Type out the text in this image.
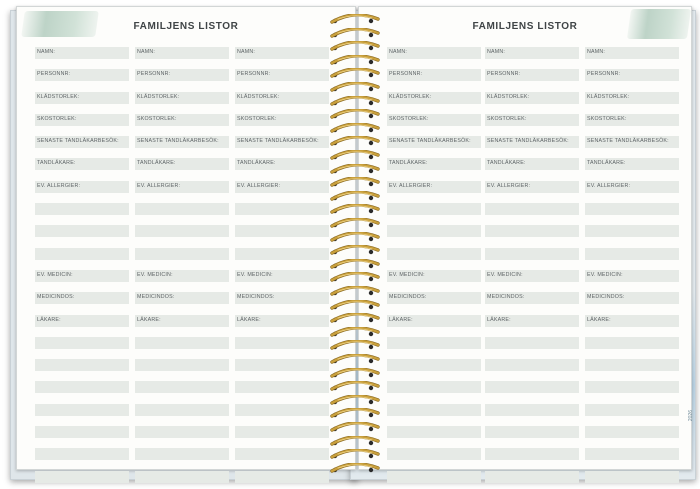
FAMILJENS LISTOR
NAMN:
PERSONNR:
KLÄDSTORLEK:
SKOSTORLEK:
SENASTE TANDLÄKARBESÖK:
TANDLÄKARE:
EV. ALLERGIER:
EV. MEDICIN:
MEDICINDOS:
LÄKARE:
NAMN:
PERSONNR:
KLÄDSTORLEK:
SKOSTORLEK:
SENASTE TANDLÄKARBESÖK:
TANDLÄKARE:
EV. ALLERGIER:
EV. MEDICIN:
MEDICINDOS:
LÄKARE:
NAMN:
PERSONNR:
KLÄDSTORLEK:
SKOSTORLEK:
SENASTE TANDLÄKARBESÖK:
TANDLÄKARE:
EV. ALLERGIER:
EV. MEDICIN:
MEDICINDOS:
LÄKARE:
FAMILJENS LISTOR
NAMN:
PERSONNR:
KLÄDSTORLEK:
SKOSTORLEK:
SENASTE TANDLÄKARBESÖK:
TANDLÄKARE:
EV. ALLERGIER:
EV. MEDICIN:
MEDICINDOS:
LÄKARE:
NAMN:
PERSONNR:
KLÄDSTORLEK:
SKOSTORLEK:
SENASTE TANDLÄKARBESÖK:
TANDLÄKARE:
EV. ALLERGIER:
EV. MEDICIN:
MEDICINDOS:
LÄKARE:
NAMN:
PERSONNR:
KLÄDSTORLEK:
SKOSTORLEK:
SENASTE TANDLÄKARBESÖK:
TANDLÄKARE:
EV. ALLERGIER:
EV. MEDICIN:
MEDICINDOS:
LÄKARE:
2026
